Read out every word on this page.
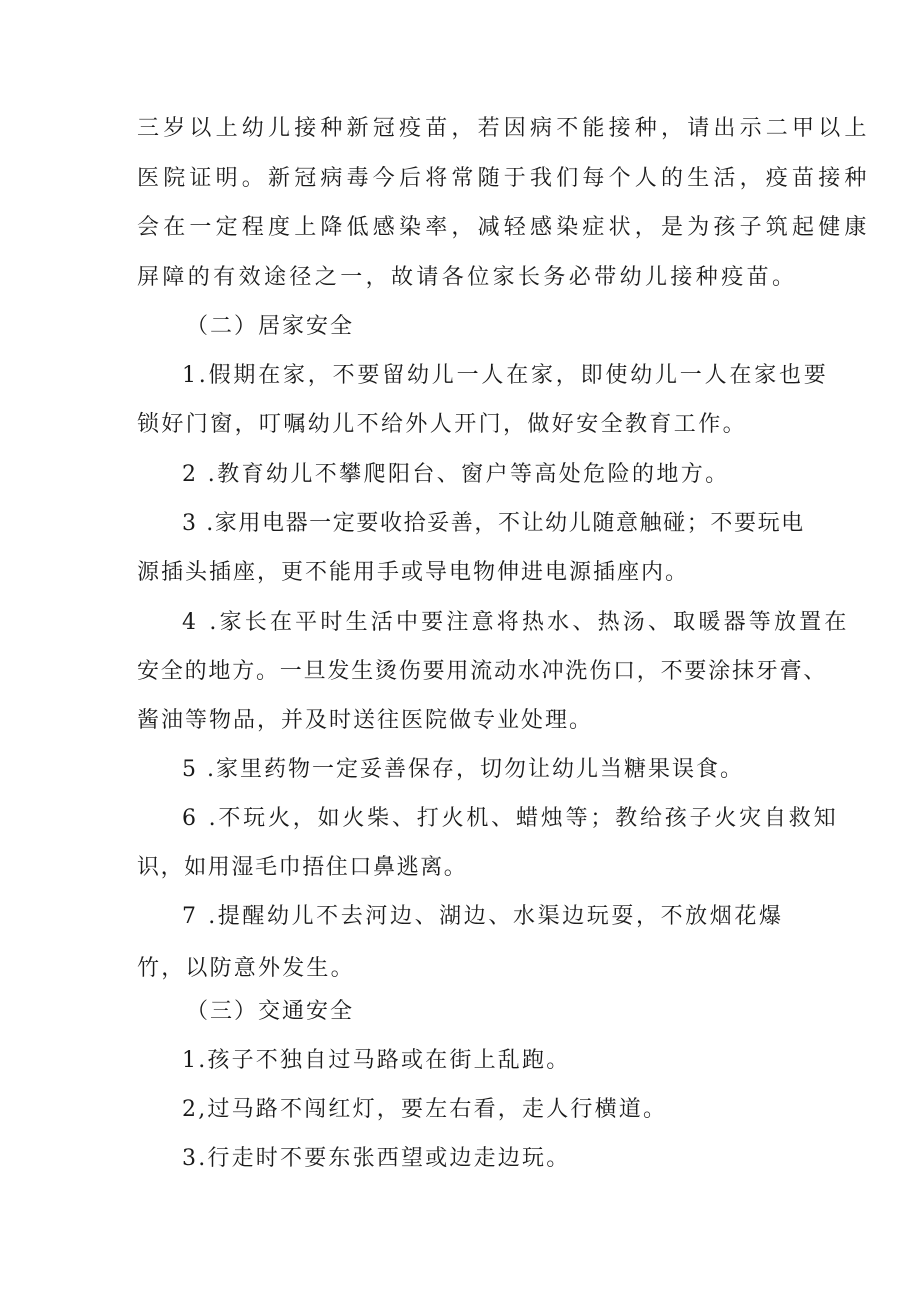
三岁以上幼儿接种新冠疫苗，若因病不能接种，请出示二甲以上
医院证明。新冠病毒今后将常随于我们每个人的生活，疫苗接种
会在一定程度上降低感染率，减轻感染症状，是为孩子筑起健康
屏障的有效途径之一，故请各位家长务必带幼儿接种疫苗。
（二）居家安全
1.假期在家，不要留幼儿一人在家，即使幼儿一人在家也要
锁好门窗，叮嘱幼儿不给外人开门，做好安全教育工作。
2 .教育幼儿不攀爬阳台、窗户等高处危险的地方。
3 .家用电器一定要收拾妥善，不让幼儿随意触碰；不要玩电
源插头插座，更不能用手或导电物伸进电源插座内。
4 .家长在平时生活中要注意将热水、热汤、取暖器等放置在
安全的地方。一旦发生烫伤要用流动水冲洗伤口，不要涂抹牙膏、
酱油等物品，并及时送往医院做专业处理。
5 .家里药物一定妥善保存，切勿让幼儿当糖果误食。
6 .不玩火，如火柴、打火机、蜡烛等；教给孩子火灾自救知
识，如用湿毛巾捂住口鼻逃离。
7 .提醒幼儿不去河边、湖边、水渠边玩耍，不放烟花爆
竹，以防意外发生。
（三）交通安全
1.孩子不独自过马路或在街上乱跑。
2,过马路不闯红灯，要左右看，走人行横道。
3.行走时不要东张西望或边走边玩。
